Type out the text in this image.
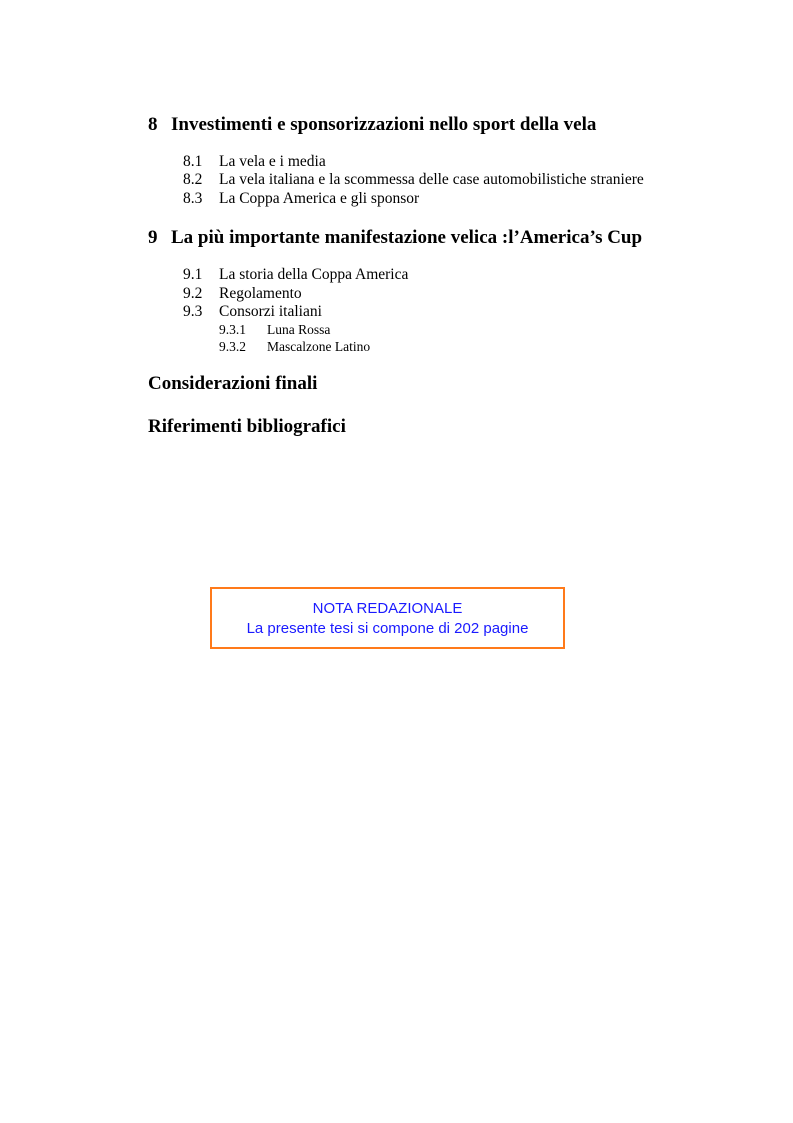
8 Investimenti e sponsorizzazioni nello sport della vela
8.1 La vela e i media
8.2 La vela italiana e la scommessa delle case automobilistiche straniere
8.3 La Coppa America e gli sponsor
9 La più importante manifestazione velica :l’America’s Cup
9.1 La storia della Coppa America
9.2 Regolamento
9.3 Consorzi italiani
9.3.1 Luna Rossa
9.3.2 Mascalzone Latino
Considerazioni finali
Riferimenti bibliografici
NOTA REDAZIONALE
La presente tesi si compone di 202 pagine
